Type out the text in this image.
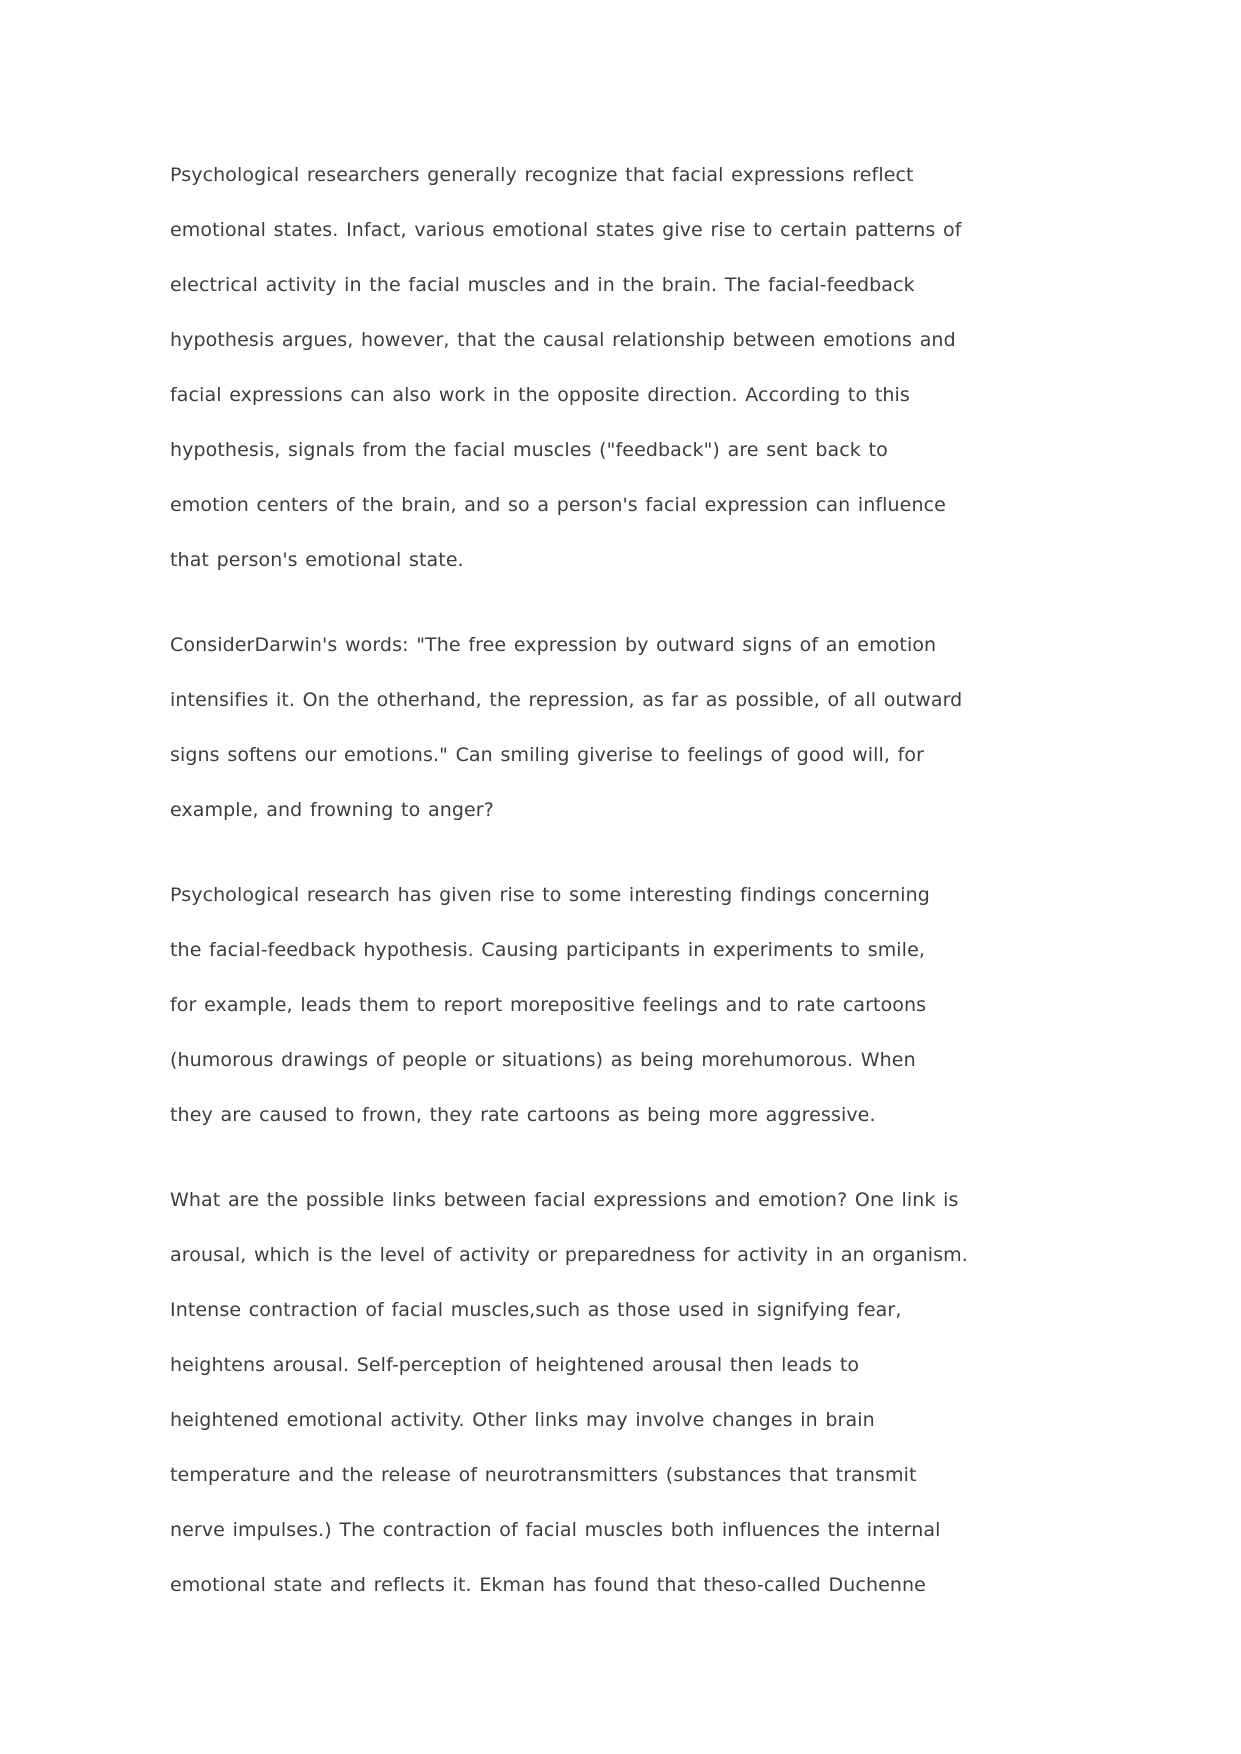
Psychological researchers generally recognize that facial expressions reflect
emotional states. Infact, various emotional states give rise to certain patterns of
electrical activity in the facial muscles and in the brain. The facial-feedback
hypothesis argues, however, that the causal relationship between emotions and
facial expressions can also work in the opposite direction. According to this
hypothesis, signals from the facial muscles ("feedback") are sent back to
emotion centers of the brain, and so a person's facial expression can influence
that person's emotional state.
ConsiderDarwin's words: "The free expression by outward signs of an emotion
intensifies it. On the otherhand, the repression, as far as possible, of all outward
signs softens our emotions." Can smiling giverise to feelings of good will, for
example, and frowning to anger?
Psychological research has given rise to some interesting findings concerning
the facial-feedback hypothesis. Causing participants in experiments to smile,
for example, leads them to report morepositive feelings and to rate cartoons
(humorous drawings of people or situations) as being morehumorous. When
they are caused to frown, they rate cartoons as being more aggressive.
What are the possible links between facial expressions and emotion? One link is
arousal, which is the level of activity or preparedness for activity in an organism.
Intense contraction of facial muscles,such as those used in signifying fear,
heightens arousal. Self-perception of heightened arousal then leads to
heightened emotional activity. Other links may involve changes in brain
temperature and the release of neurotransmitters (substances that transmit
nerve impulses.) The contraction of facial muscles both influences the internal
emotional state and reflects it. Ekman has found that theso-called Duchenne
